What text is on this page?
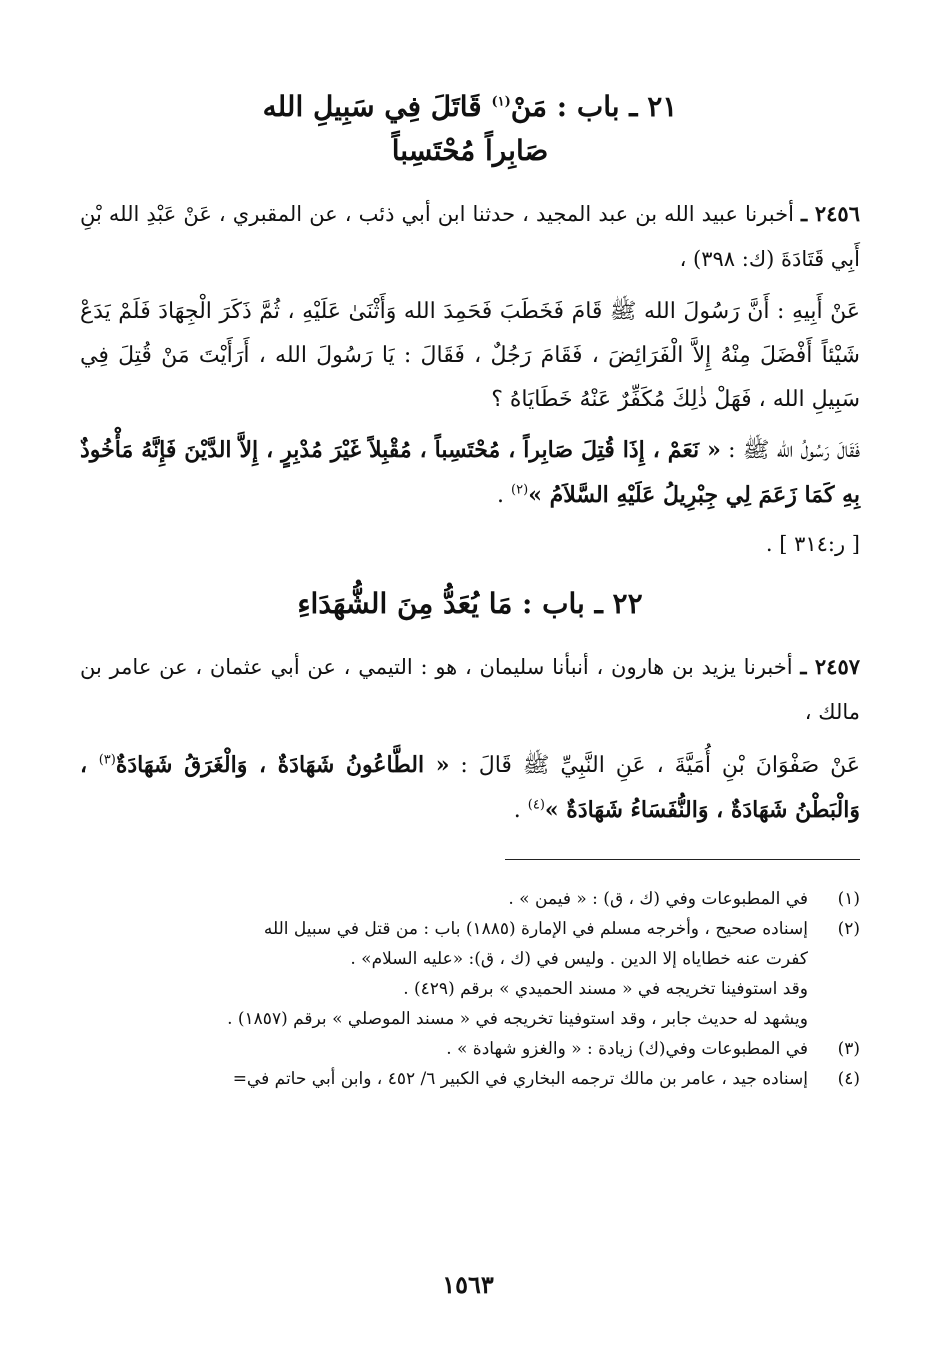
٢١ ـ باب : مَنْ$^{(١)}$ قَاتَلَ فِي سَبِيلِ الله
صَابِراً مُحْتَسِباً

٢٤٥٦ ـ أخبرنا عبيد الله بن عبد المجيد ، حدثنا ابن أبي ذئب ، عن المقبري ، عَنْ عَبْدِ الله بْنِ أَبِي قَتَادَةَ (ك: ٣٩٨) ،

عَنْ أَبِيهِ : أَنَّ رَسُولَ الله ﷺ قَامَ فَخَطَبَ فَحَمِدَ الله وَأَثْنَىٰ عَلَيْهِ ، ثُمَّ ذَكَرَ الْجِهَادَ فَلَمْ يَدَعْ شَيْئاً أَفْضَلَ مِنْهُ إِلاَّ الْفَرَائِضَ ، فَقَامَ رَجُلٌ ، فَقَالَ : يَا رَسُولَ الله ، أَرَأَيْتَ مَنْ قُتِلَ فِي سَبِيلِ الله ، فَهَلْ ذٰلِكَ مُكَفِّرٌ عَنْهُ خَطَايَاهُ ؟

فَقَالَ رَسُولُ الله ﷺ : « نَعَمْ ، إِذَا قُتِلَ صَابِراً ، مُحْتَسِباً ، مُقْبِلاً غَيْرَ مُدْبِرٍ ، إِلاَّ الدَّيْنَ فَإِنَّهُ مَأْخُوذٌ بِهِ كَمَا زَعَمَ لِي جِبْرِيلُ عَلَيْهِ السَّلاَمُ »$^{(٢)}$ .

[ ر:٣١٤ ] .

٢٢ ـ باب : مَا يُعَدُّ مِنَ الشُّهَدَاءِ

٢٤٥٧ ـ أخبرنا يزيد بن هارون ، أنبأنا سليمان ، هو : التيمي ، عن أبي عثمان ، عن عامر بن مالك ،

عَنْ صَفْوَانَ بْنِ أُمَيَّةَ ، عَنِ النَّبِيِّ ﷺ قَالَ : « الطَّاعُونُ شَهَادَةٌ ، وَالْغَرَقُ شَهَادَةٌ$^{(٣)}$ ، وَالْبَطْنُ شَهَادَةٌ ، وَالنُّفَسَاءُ شَهَادَةٌ »$^{(٤)}$ .

(١)
في المطبوعات وفي (ك ، ق) : « فيمن » .
(٢)
إسناده صحيح ، وأخرجه مسلم في الإمارة (١٨٨٥) باب : من قتل في سبيل الله
كفرت عنه خطاياه إلا الدين . وليس في (ك ، ق): «عليه السلام» .
وقد استوفينا تخريجه في « مسند الحميدي » برقم (٤٢٩) .
ويشهد له حديث جابر ، وقد استوفينا تخريجه في « مسند الموصلي » برقم (١٨٥٧) .
(٣)
في المطبوعات وفي(ك) زيادة : « والغزو شهادة » .
(٤)
إسناده جيد ، عامر بن مالك ترجمه البخاري في الكبير ٦/ ٤٥٢ ، وابن أبي حاتم في=
١٥٦٣
